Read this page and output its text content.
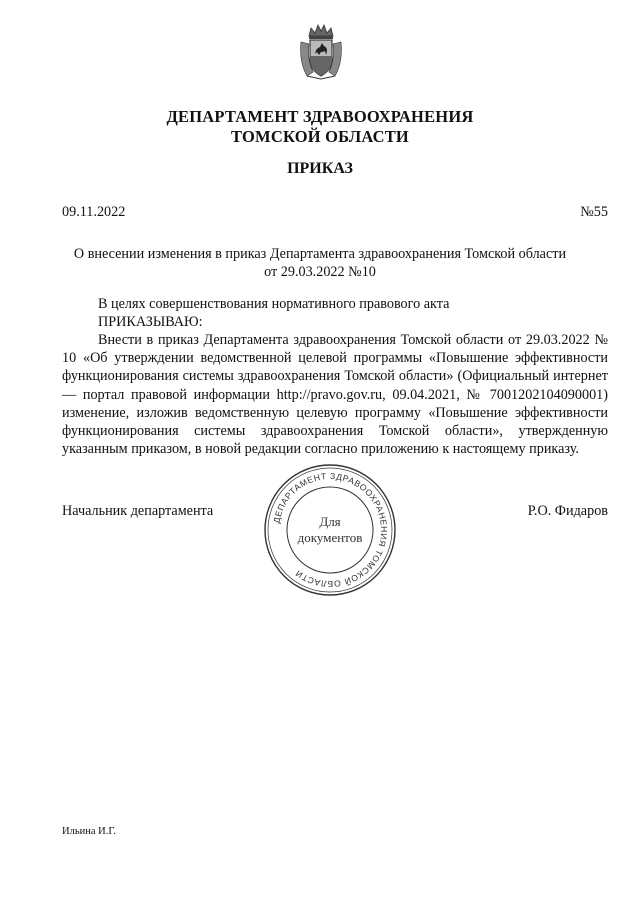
ДЕПАРТАМЕНТ ЗДРАВООХРАНЕНИЯ
ТОМСКОЙ ОБЛАСТИ
ПРИКАЗ
09.11.2022	№55
О внесении изменения в приказ Департамента здравоохранения Томской области
от 29.03.2022 №10
В целях совершенствования нормативного правового акта
ПРИКАЗЫВАЮ:
Внести в приказ Департамента здравоохранения Томской области от 29.03.2022 № 10 «Об утверждении ведомственной целевой программы «Повышение эффективности функционирования системы здравоохранения Томской области» (Официальный интернет — портал правовой информации http://pravo.gov.ru, 09.04.2021, № 7001202104090001) изменение, изложив ведомственную целевую программу «Повышение эффективности функционирования системы здравоохранения Томской области», утвержденную указанным приказом, в новой редакции согласно приложению к настоящему приказу.
Начальник департамента	Р.О. Фидаров
ДЕПАРТАМЕНТ ЗДРАВООХРАНЕНИЯ ТОМСКОЙ ОБЛАСТИ
Для
документов
Ильина И.Г.
